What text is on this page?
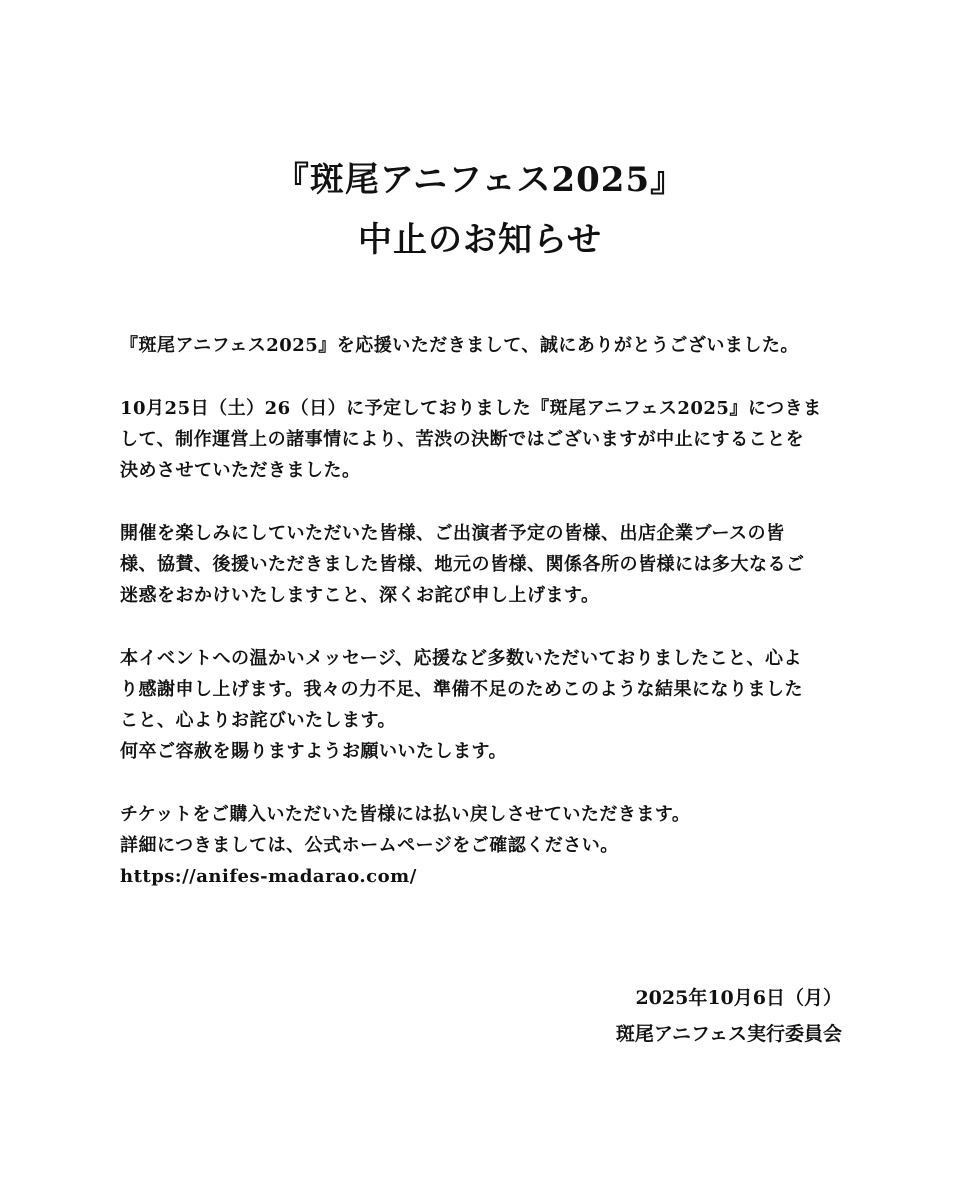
『斑尾アニフェス2025』
中止のお知らせ

『斑尾アニフェス2025』を応援いただきまして、誠にありがとうございました。

10月25日（土）26（日）に予定しておりました『斑尾アニフェス2025』につきま
して、制作運営上の諸事情により、苦渋の決断ではございますが中止にすることを
決めさせていただきました。

開催を楽しみにしていただいた皆様、ご出演者予定の皆様、出店企業ブースの皆
様、協賛、後援いただきました皆様、地元の皆様、関係各所の皆様には多大なるご
迷惑をおかけいたしますこと、深くお詫び申し上げます。

本イベントへの温かいメッセージ、応援など多数いただいておりましたこと、心よ
り感謝申し上げます。我々の力不足、準備不足のためこのような結果になりました
こと、心よりお詫びいたします。
何卒ご容赦を賜りますようお願いいたします。

チケットをご購入いただいた皆様には払い戻しさせていただきます。
詳細につきましては、公式ホームページをご確認ください。
https://anifes-madarao.com/

2025年10月6日（月）
斑尾アニフェス実行委員会
